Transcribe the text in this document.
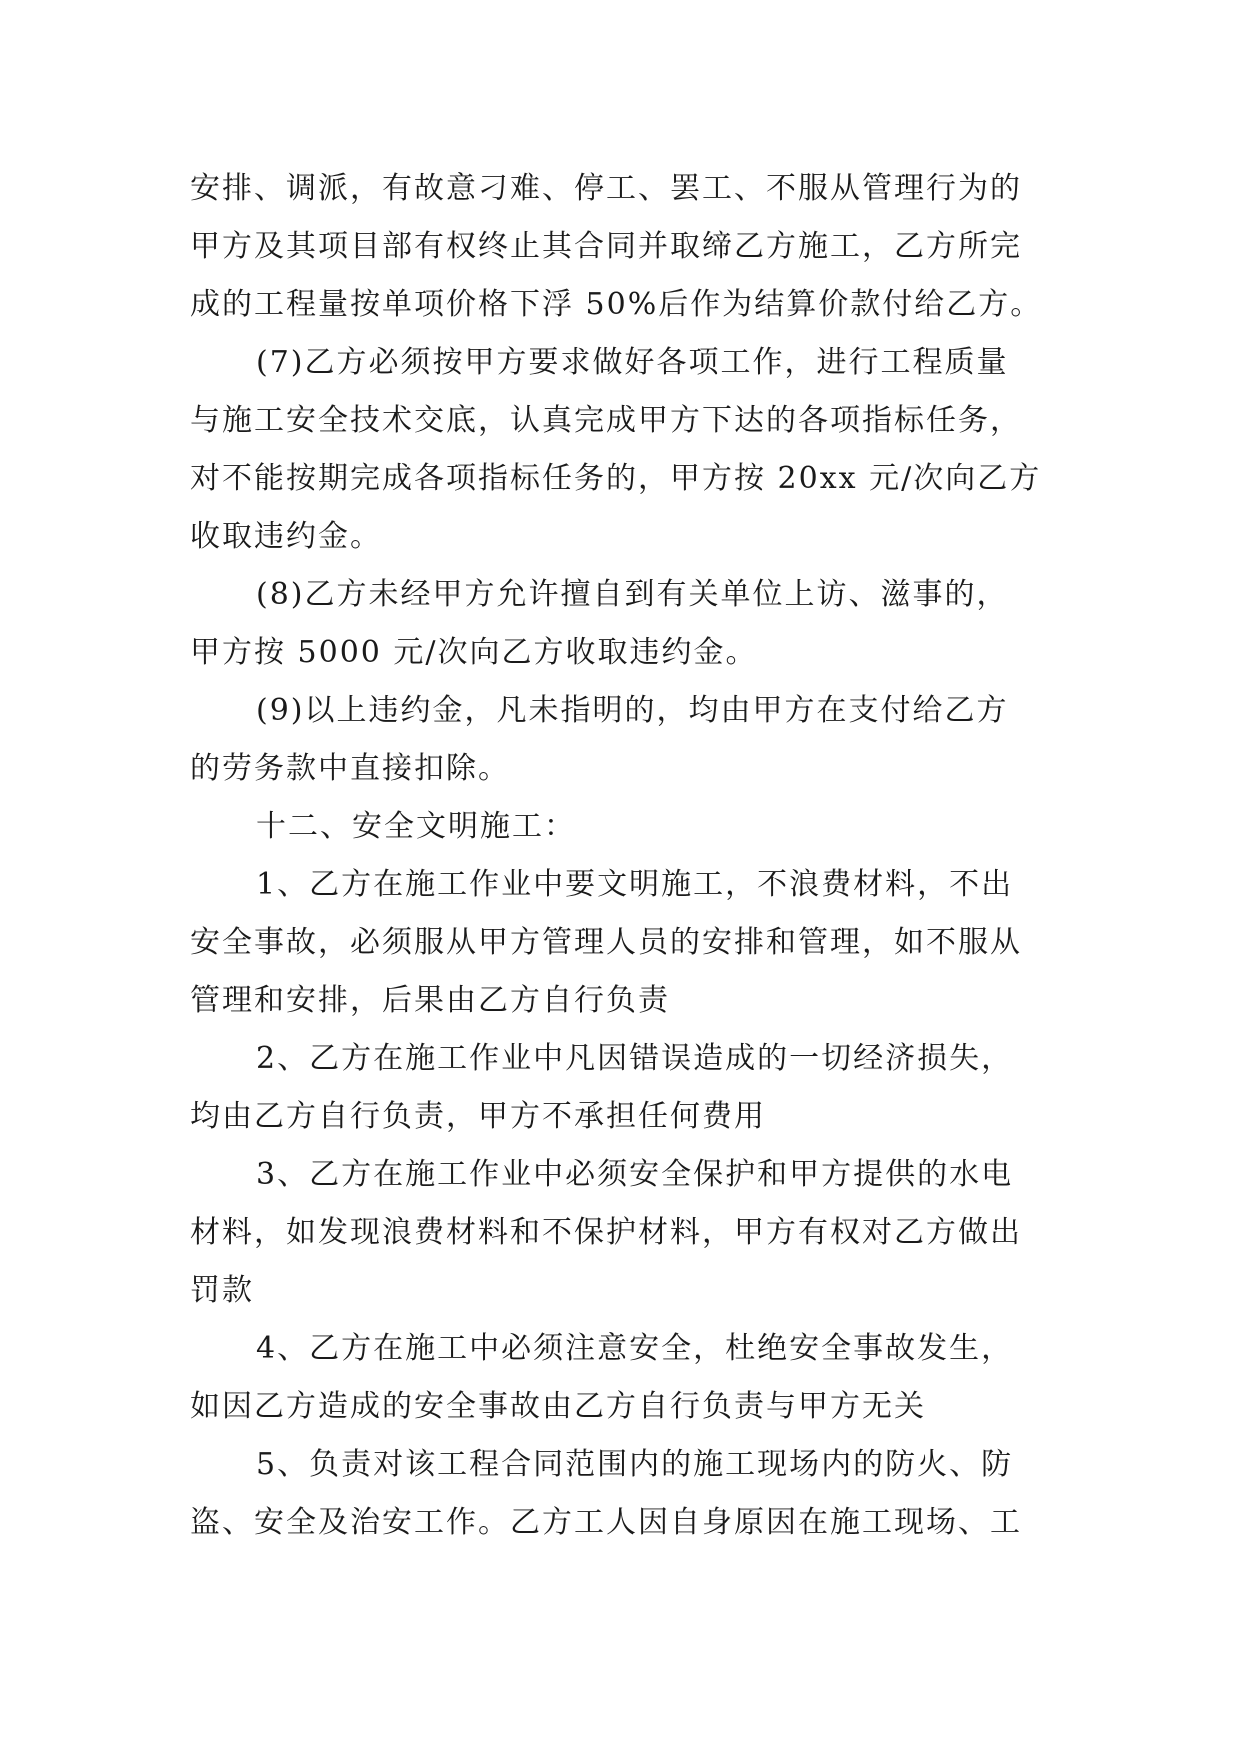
安排、调派，有故意刁难、停工、罢工、不服从管理行为的
甲方及其项目部有权终止其合同并取缔乙方施工，乙方所完
成的工程量按单项价格下浮 50%后作为结算价款付给乙方。
(7)乙方必须按甲方要求做好各项工作，进行工程质量
与施工安全技术交底，认真完成甲方下达的各项指标任务，
对不能按期完成各项指标任务的，甲方按 20xx 元/次向乙方
收取违约金。
(8)乙方未经甲方允许擅自到有关单位上访、滋事的，
甲方按 5000 元/次向乙方收取违约金。
(9)以上违约金，凡未指明的，均由甲方在支付给乙方
的劳务款中直接扣除。
十二、安全文明施工：
1、乙方在施工作业中要文明施工，不浪费材料，不出
安全事故，必须服从甲方管理人员的安排和管理，如不服从
管理和安排，后果由乙方自行负责
2、乙方在施工作业中凡因错误造成的一切经济损失，
均由乙方自行负责，甲方不承担任何费用
3、乙方在施工作业中必须安全保护和甲方提供的水电
材料，如发现浪费材料和不保护材料，甲方有权对乙方做出
罚款
4、乙方在施工中必须注意安全，杜绝安全事故发生，
如因乙方造成的安全事故由乙方自行负责与甲方无关
5、负责对该工程合同范围内的施工现场内的防火、防
盗、安全及治安工作。乙方工人因自身原因在施工现场、工
